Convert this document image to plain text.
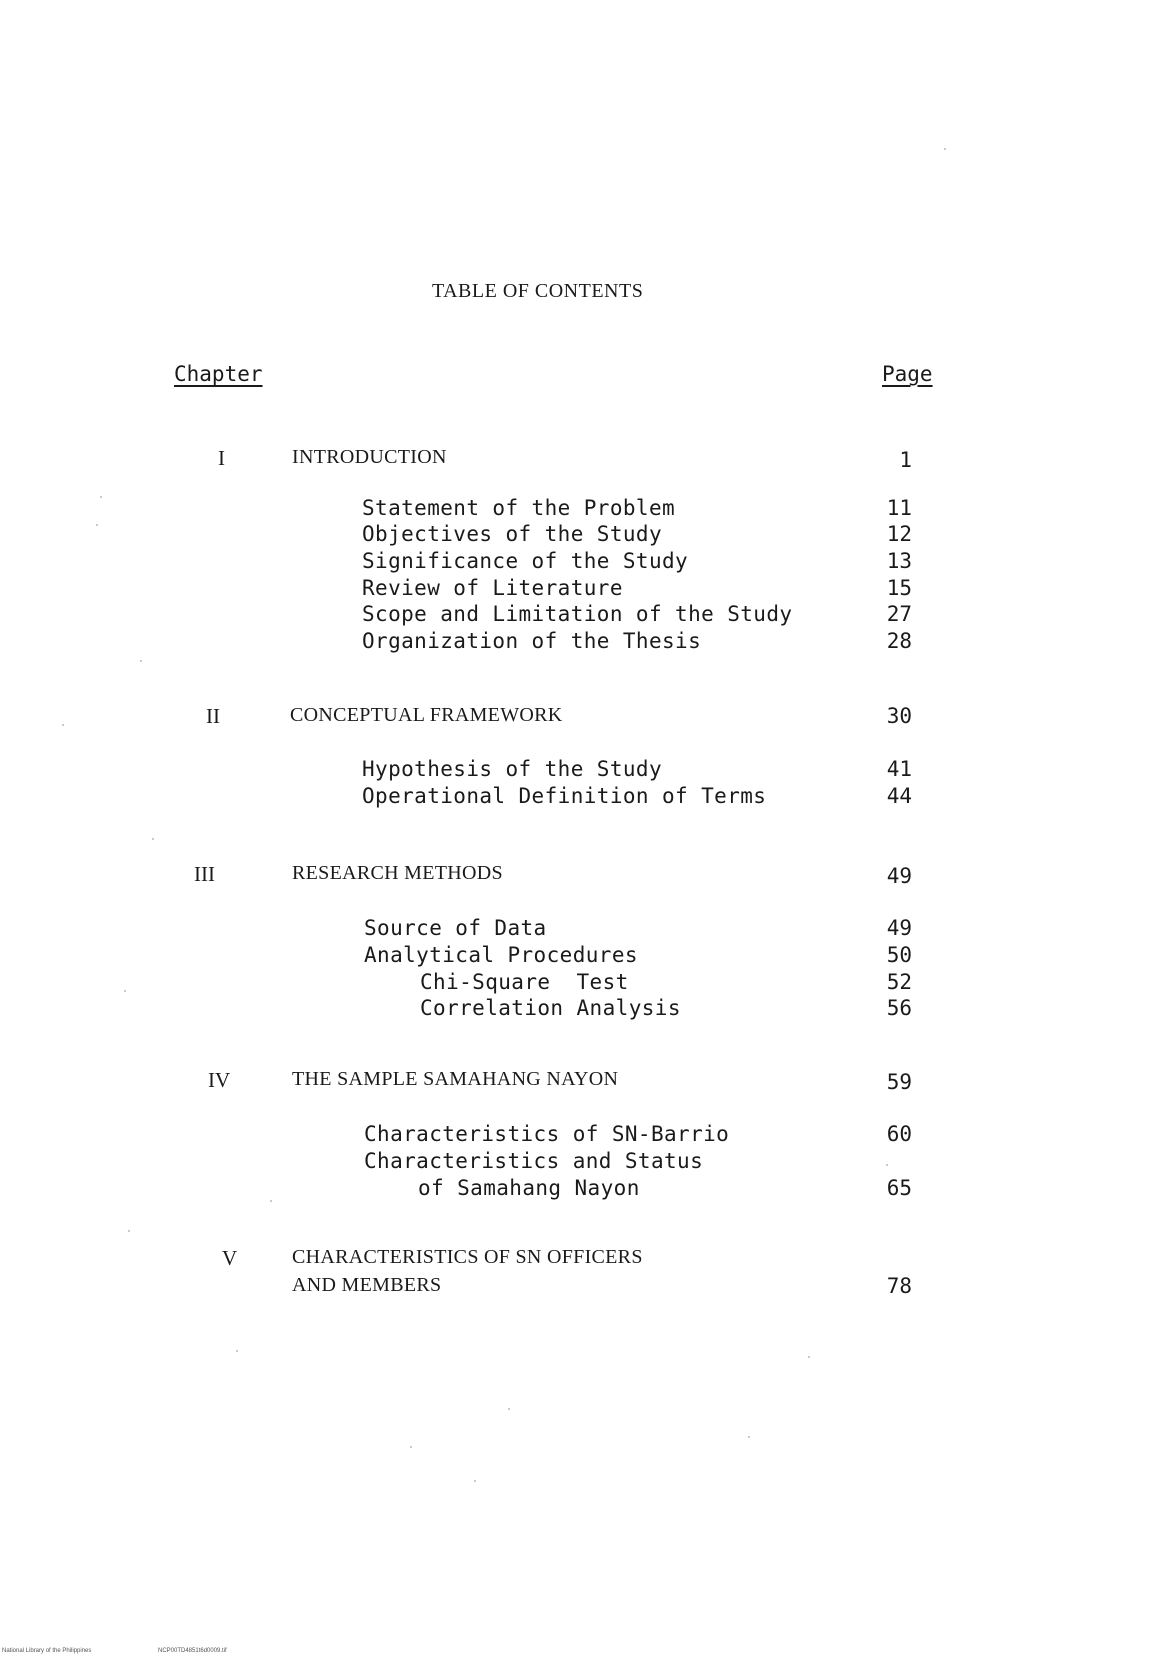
TABLE OF CONTENTS
Chapter	Page
I	INTRODUCTION	1
Statement of the Problem	11
Objectives of the Study	12
Significance of the Study	13
Review of Literature	15
Scope and Limitation of the Study	27
Organization of the Thesis	28
II	CONCEPTUAL FRAMEWORK	30
Hypothesis of the Study	41
Operational Definition of Terms	44
III	RESEARCH METHODS	49
Source of Data	49
Analytical Procedures	50
Chi-Square  Test	52
Correlation Analysis	56
IV	THE SAMPLE SAMAHANG NAYON	59
Characteristics of SN-Barrio	60
Characteristics and Status
of Samahang Nayon	65
V	CHARACTERISTICS OF SN OFFICERS
AND MEMBERS	78
National Library of the Philippines	NCP00TD4851t6d0009.tif
